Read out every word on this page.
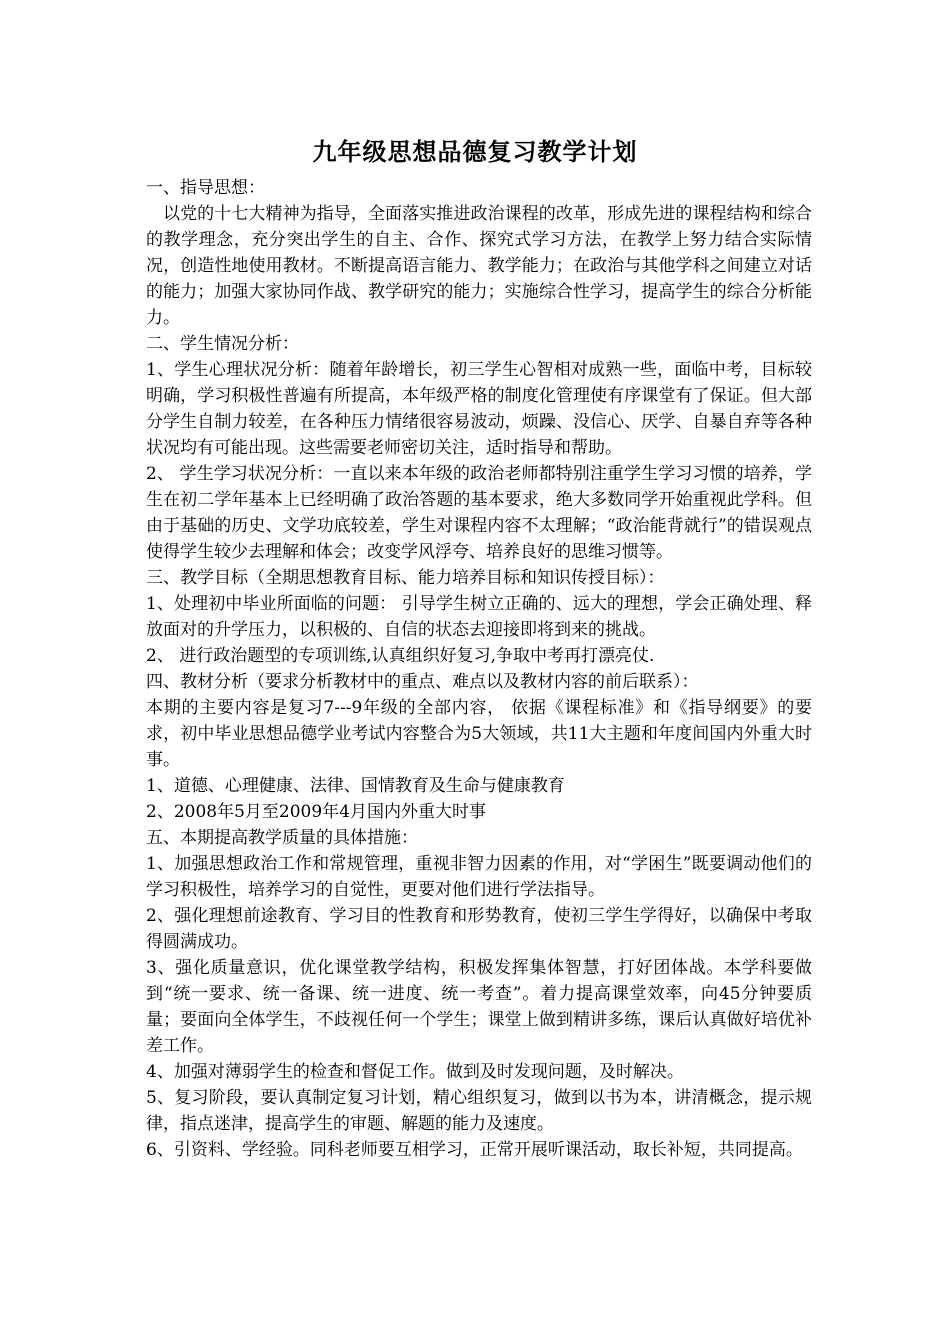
九年级思想品德复习教学计划

一、指导思想：

以党的十七大精神为指导，全面落实推进政治课程的改革，形成先进的课程结构和综合的教学理念，充分突出学生的自主、合作、探究式学习方法，在教学上努力结合实际情况，创造性地使用教材。不断提高语言能力、教学能力；在政治与其他学科之间建立对话的能力；加强大家协同作战、教学研究的能力；实施综合性学习，提高学生的综合分析能力。

二、学生情况分析：

1、学生心理状况分析：随着年龄增长，初三学生心智相对成熟一些，面临中考，目标较明确，学习积极性普遍有所提高，本年级严格的制度化管理使有序课堂有了保证。但大部分学生自制力较差，在各种压力情绪很容易波动，烦躁、没信心、厌学、自暴自弃等各种状况均有可能出现。这些需要老师密切关注，适时指导和帮助。

2、 学生学习状况分析：一直以来本年级的政治老师都特别注重学生学习习惯的培养，学生在初二学年基本上已经明确了政治答题的基本要求，绝大多数同学开始重视此学科。但由于基础的历史、文学功底较差，学生对课程内容不太理解；“政治能背就行”的错误观点使得学生较少去理解和体会；改变学风浮夸、培养良好的思维习惯等。

三、教学目标（全期思想教育目标、能力培养目标和知识传授目标）：

1、处理初中毕业所面临的问题： 引导学生树立正确的、远大的理想，学会正确处理、释放面对的升学压力，以积极的、自信的状态去迎接即将到来的挑战。

2、 进行政治题型的专项训练,认真组织好复习,争取中考再打漂亮仗.

四、教材分析（要求分析教材中的重点、难点以及教材内容的前后联系）：

本期的主要内容是复习7---9年级的全部内容， 依据《课程标准》和《指导纲要》的要求，初中毕业思想品德学业考试内容整合为5大领域，共11大主题和年度间国内外重大时事。

1、道德、心理健康、法律、国情教育及生命与健康教育

2、2008年5月至2009年4月国内外重大时事

五、本期提高教学质量的具体措施：

1、加强思想政治工作和常规管理，重视非智力因素的作用，对“学困生”既要调动他们的学习积极性，培养学习的自觉性，更要对他们进行学法指导。

2、强化理想前途教育、学习目的性教育和形势教育，使初三学生学得好，以确保中考取得圆满成功。

3、强化质量意识，优化课堂教学结构，积极发挥集体智慧，打好团体战。本学科要做到“统一要求、统一备课、统一进度、统一考查”。着力提高课堂效率，向45分钟要质量；要面向全体学生，不歧视任何一个学生；课堂上做到精讲多练，课后认真做好培优补差工作。

4、加强对薄弱学生的检查和督促工作。做到及时发现问题，及时解决。

5、复习阶段，要认真制定复习计划，精心组织复习，做到以书为本，讲清概念，提示规律，指点迷津，提高学生的审题、解题的能力及速度。

6、引资料、学经验。同科老师要互相学习，正常开展听课活动，取长补短，共同提高。
